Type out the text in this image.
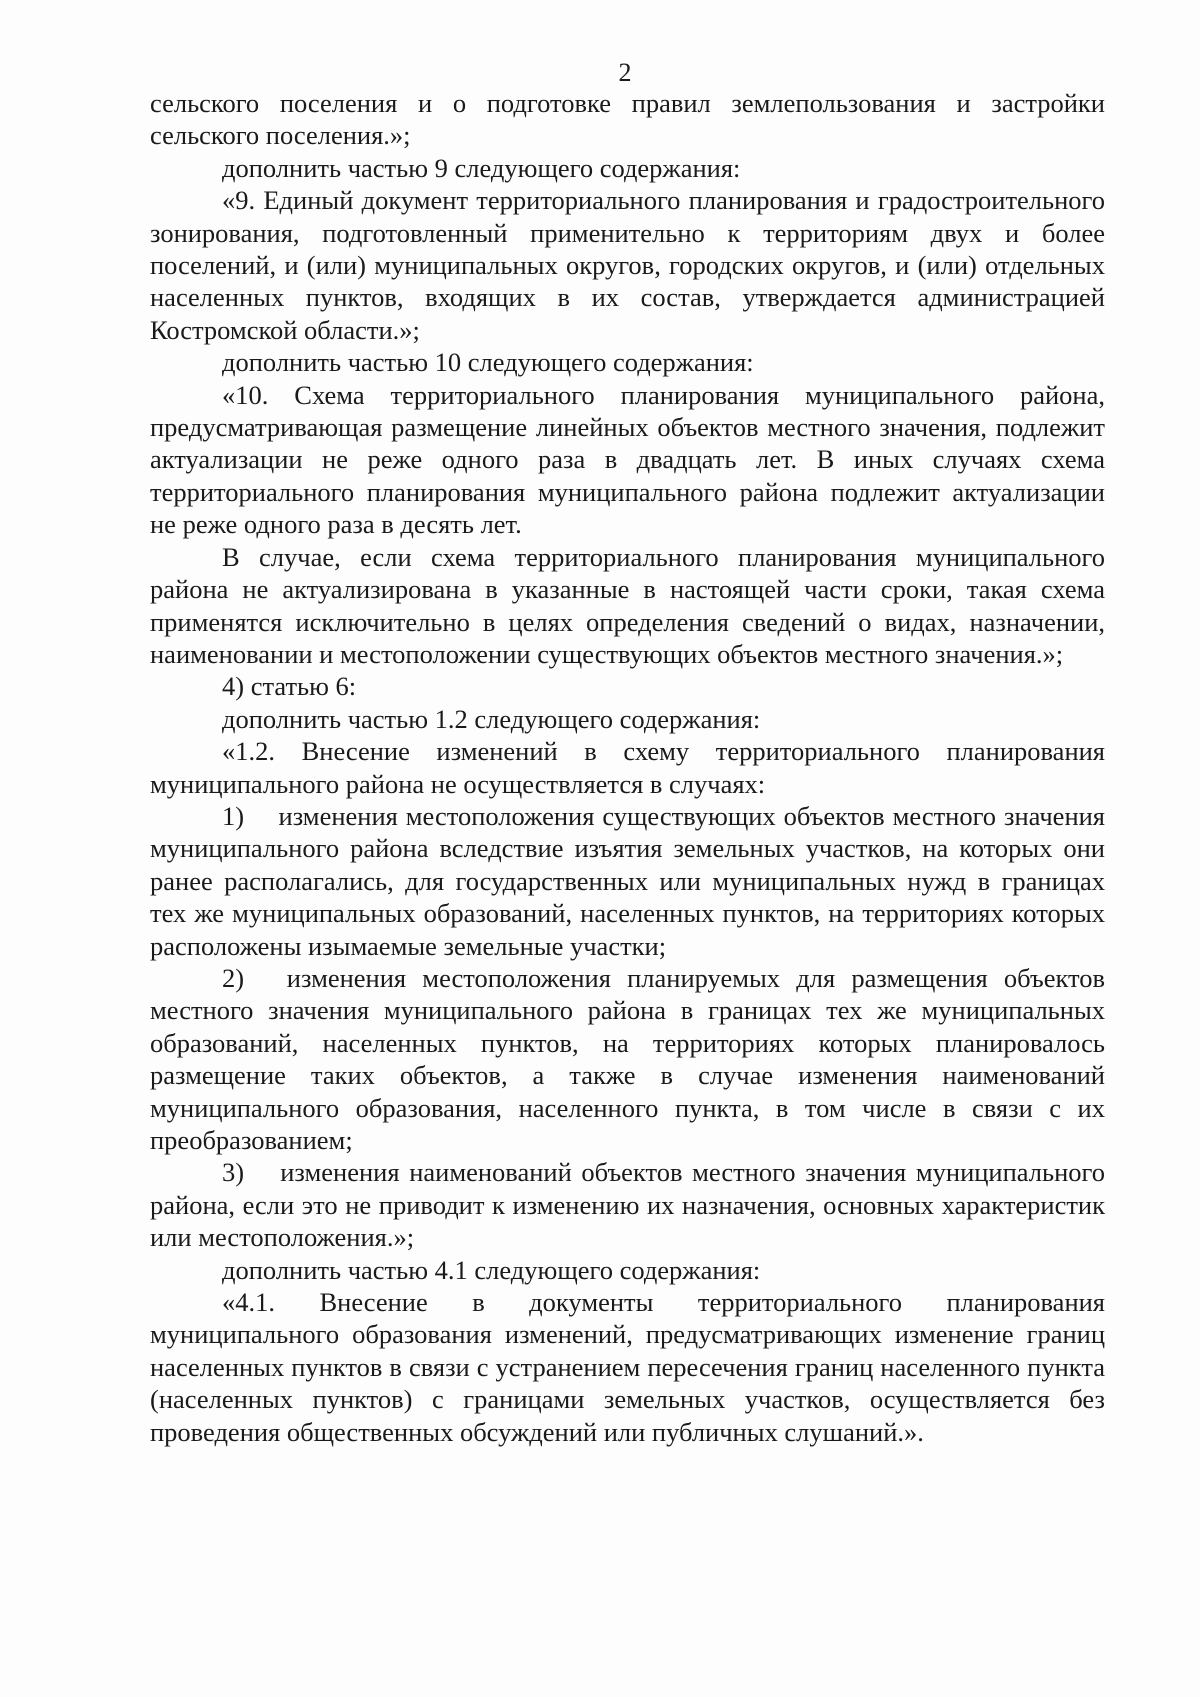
2

сельского поселения и о подготовке правил землепользования и застройки сельского поселения.»;

дополнить частью 9 следующего содержания:

«9. Единый документ территориального планирования и градостроительного зонирования, подготовленный применительно к территориям двух и более поселений, и (или) муниципальных округов, городских округов, и (или) отдельных населенных пунктов, входящих в их состав, утверждается администрацией Костромской области.»;

дополнить частью 10 следующего содержания:

«10. Схема территориального планирования муниципального района, предусматривающая размещение линейных объектов местного значения, подлежит актуализации не реже одного раза в двадцать лет. В иных случаях схема территориального планирования муниципального района подлежит актуализации не реже одного раза в десять лет.

В случае, если схема территориального планирования муниципального района не актуализирована в указанные в настоящей части сроки, такая схема применятся исключительно в целях определения сведений о видах, назначении, наименовании и местоположении существующих объектов местного значения.»;

4) статью 6:

дополнить частью 1.2 следующего содержания:

«1.2. Внесение изменений в схему территориального планирования муниципального района не осуществляется в случаях:

1)  изменения местоположения существующих объектов местного значения муниципального района вследствие изъятия земельных участков, на которых они ранее располагались, для государственных или муниципальных нужд в границах тех же муниципальных образований, населенных пунктов, на территориях которых расположены изымаемые земельные участки;

2)  изменения местоположения планируемых для размещения объектов местного значения муниципального района в границах тех же муниципальных образований, населенных пунктов, на территориях которых планировалось размещение таких объектов, а также в случае изменения наименований муниципального образования, населенного пункта, в том числе в связи с их преобразованием;

3)  изменения наименований объектов местного значения муниципального района, если это не приводит к изменению их назначения, основных характеристик или местоположения.»;

дополнить частью 4.1 следующего содержания:

«4.1. Внесение в документы территориального планирования муниципального образования изменений, предусматривающих изменение границ населенных пунктов в связи с устранением пересечения границ населенного пункта (населенных пунктов) с границами земельных участков, осуществляется без проведения общественных обсуждений или публичных слушаний.».
